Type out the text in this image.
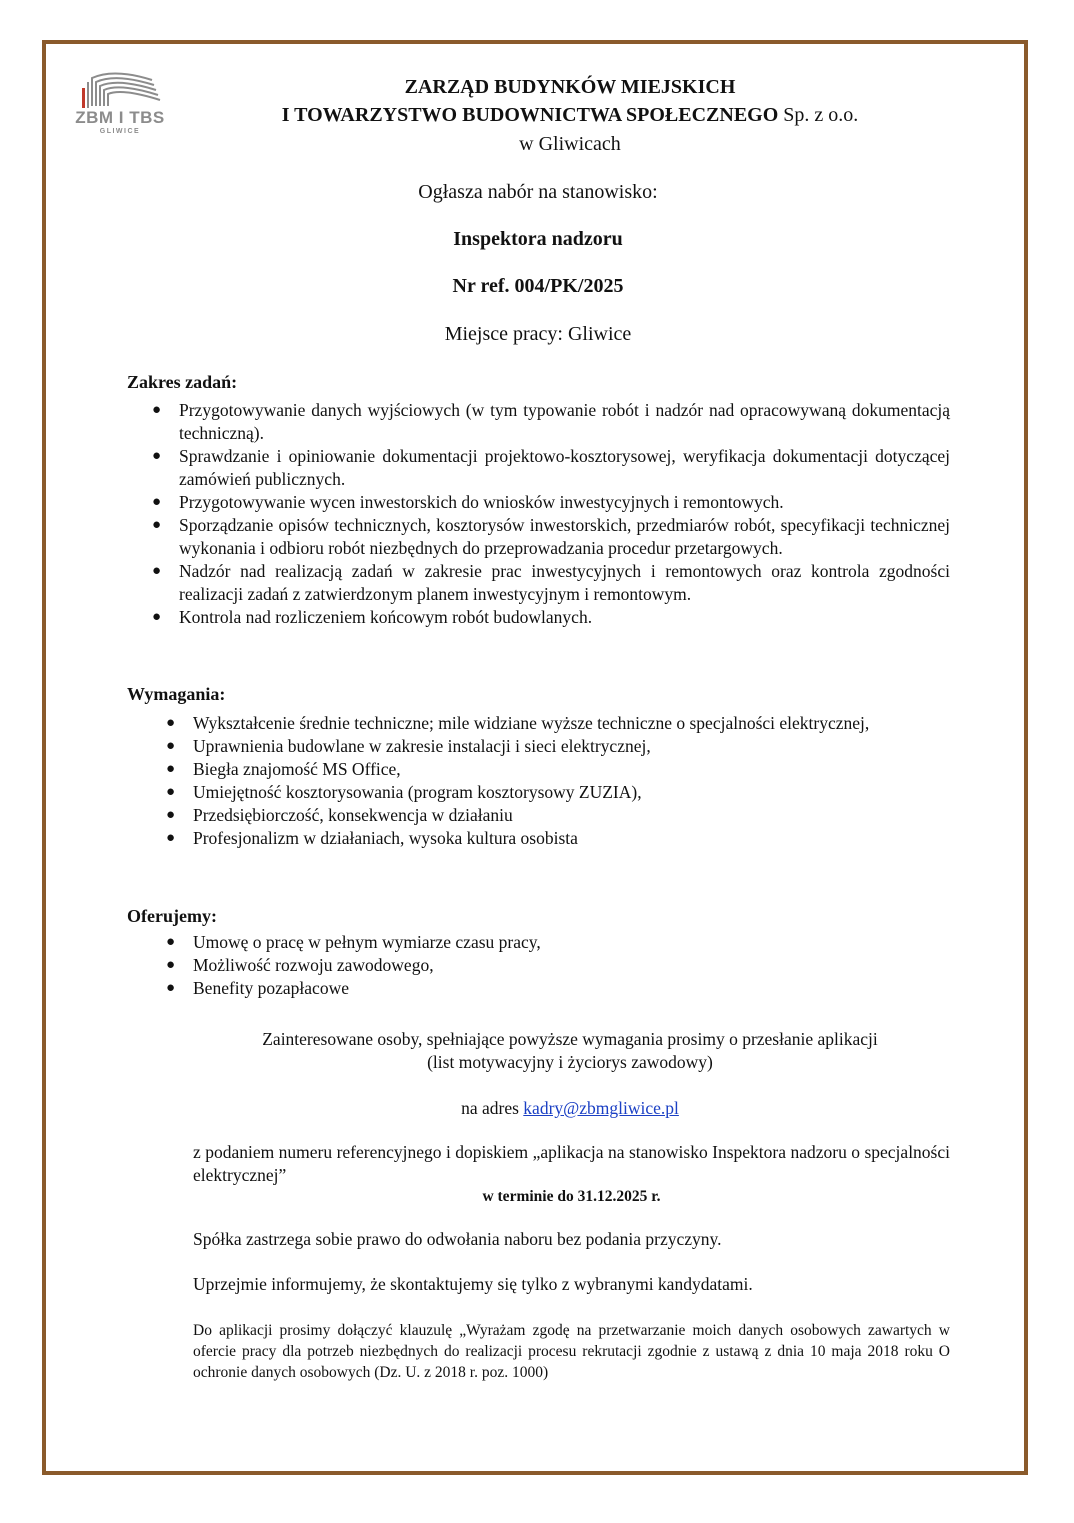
ZBM I TBS
GLIWICE
ZARZĄD BUDYNKÓW MIEJSKICH
I TOWARZYSTWO BUDOWNICTWA SPOŁECZNEGO Sp. z o.o.
w Gliwicach
Ogłasza nabór na stanowisko:
Inspektora nadzoru
Nr ref. 004/PK/2025
Miejsce pracy: Gliwice
Zakres zadań:
● Przygotowywanie danych wyjściowych (w tym typowanie robót i nadzór nad opracowywaną dokumentacją techniczną).
● Sprawdzanie i opiniowanie dokumentacji projektowo-kosztorysowej, weryfikacja dokumentacji dotyczącej zamówień publicznych.
● Przygotowywanie wycen inwestorskich do wniosków inwestycyjnych i remontowych.
● Sporządzanie opisów technicznych, kosztorysów inwestorskich, przedmiarów robót, specyfikacji technicznej wykonania i odbioru robót niezbędnych do przeprowadzania procedur przetargowych.
● Nadzór nad realizacją zadań w zakresie prac inwestycyjnych i remontowych oraz kontrola zgodności realizacji zadań z zatwierdzonym planem inwestycyjnym i remontowym.
● Kontrola nad rozliczeniem końcowym robót budowlanych.
Wymagania:
● Wykształcenie średnie techniczne; mile widziane wyższe techniczne o specjalności elektrycznej,
● Uprawnienia budowlane w zakresie instalacji i sieci elektrycznej,
● Biegła znajomość MS Office,
● Umiejętność kosztorysowania (program kosztorysowy ZUZIA),
● Przedsiębiorczość, konsekwencja w działaniu
● Profesjonalizm w działaniach, wysoka kultura osobista
Oferujemy:
● Umowę o pracę w pełnym wymiarze czasu pracy,
● Możliwość rozwoju zawodowego,
● Benefity pozapłacowe
Zainteresowane osoby, spełniające powyższe wymagania prosimy o przesłanie aplikacji
(list motywacyjny i życiorys zawodowy)
na adres kadry@zbmgliwice.pl
z podaniem numeru referencyjnego i dopiskiem „aplikacja na stanowisko Inspektora nadzoru o specjalności elektrycznej”
w terminie do 31.12.2025 r.
Spółka zastrzega sobie prawo do odwołania naboru bez podania przyczyny.
Uprzejmie informujemy, że skontaktujemy się tylko z wybranymi kandydatami.
Do aplikacji prosimy dołączyć klauzulę „Wyrażam zgodę na przetwarzanie moich danych osobowych zawartych w ofercie pracy dla potrzeb niezbędnych do realizacji procesu rekrutacji zgodnie z ustawą z dnia 10 maja 2018 roku O ochronie danych osobowych (Dz. U. z 2018 r. poz. 1000)
